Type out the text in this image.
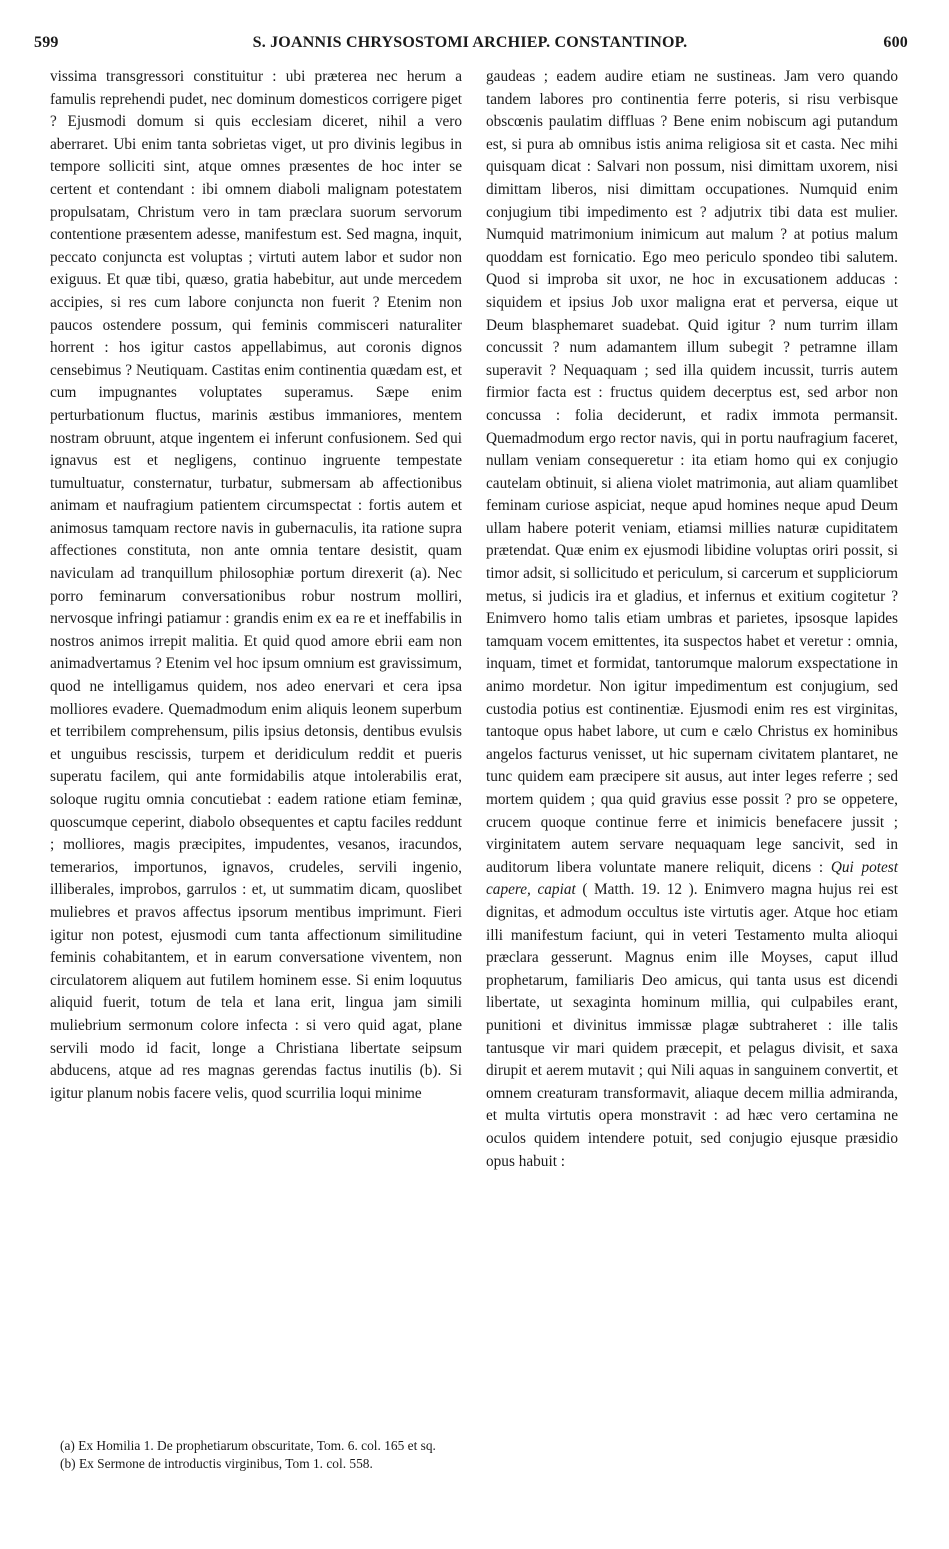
599	S. JOANNIS CHRYSOSTOMI ARCHIEP. CONSTANTINOP.	600

vissima transgressori constituitur : ubi præterea nec herum a famulis reprehendi pudet, nec dominum domesticos corrigere piget ? Ejusmodi domum si quis ecclesiam diceret, nihil a vero aberraret. Ubi enim tanta sobrietas viget, ut pro divinis legibus in tempore solliciti sint, atque omnes præsentes de hoc inter se certent et contendant : ibi omnem diaboli malignam potestatem propulsatam, Christum vero in tam præclara suorum servorum contentione præsentem adesse, manifestum est. Sed magna, inquit, peccato conjuncta est voluptas ; virtuti autem labor et sudor non exiguus. Et quæ tibi, quæso, gratia habebitur, aut unde mercedem accipies, si res cum labore conjuncta non fuerit ? Etenim non paucos ostendere possum, qui feminis commisceri naturaliter horrent : hos igitur castos appellabimus, aut coronis dignos censebimus ? Neutiquam. Castitas enim continentia quædam est, et cum impugnantes voluptates superamus. Sæpe enim perturbationum fluctus, marinis æstibus immaniores, mentem nostram obruunt, atque ingentem ei inferunt confusionem. Sed qui ignavus est et negligens, continuo ingruente tempestate tumultuatur, consternatur, turbatur, submersam ab affectionibus animam et naufragium patientem circumspectat : fortis autem et animosus tamquam rectore navis in gubernaculis, ita ratione supra affectiones constituta, non ante omnia tentare desistit, quam naviculam ad tranquillum philosophiæ portum direxerit (a). Nec porro feminarum conversationibus robur nostrum molliri, nervosque infringi patiamur : grandis enim ex ea re et ineffabilis in nostros animos irrepit malitia. Et quid quod amore ebrii eam non animadvertamus ? Etenim vel hoc ipsum omnium est gravissimum, quod ne intelligamus quidem, nos adeo enervari et cera ipsa molliores evadere. Quemadmodum enim aliquis leonem superbum et terribilem comprehensum, pilis ipsius detonsis, dentibus evulsis et unguibus rescissis, turpem et deridiculum reddit et pueris superatu facilem, qui ante formidabilis atque intolerabilis erat, soloque rugitu omnia concutiebat : eadem ratione etiam feminæ, quoscumque ceperint, diabolo obsequentes et captu faciles reddunt ; molliores, magis præcipites, impudentes, vesanos, iracundos, temerarios, importunos, ignavos, crudeles, servili ingenio, illiberales, improbos, garrulos : et, ut summatim dicam, quoslibet muliebres et pravos affectus ipsorum mentibus imprimunt. Fieri igitur non potest, ejusmodi cum tanta affectionum similitudine feminis cohabitantem, et in earum conversatione viventem, non circulatorem aliquem aut futilem hominem esse. Si enim loquutus aliquid fuerit, totum de tela et lana erit, lingua jam simili muliebrium sermonum colore infecta : si vero quid agat, plane servili modo id facit, longe a Christiana libertate seipsum abducens, atque ad res magnas gerendas factus inutilis (b). Si igitur planum nobis facere velis, quod scurrilia loqui minime

gaudeas ; eadem audire etiam ne sustineas. Jam vero quando tandem labores pro continentia ferre poteris, si risu verbisque obscœnis paulatim diffluas ? Bene enim nobiscum agi putandum est, si pura ab omnibus istis anima religiosa sit et casta. Nec mihi quisquam dicat : Salvari non possum, nisi dimittam uxorem, nisi dimittam liberos, nisi dimittam occupationes. Numquid enim conjugium tibi impedimento est ? adjutrix tibi data est mulier. Numquid matrimonium inimicum aut malum ? at potius malum quoddam est fornicatio. Ego meo periculo spondeo tibi salutem. Quod si improba sit uxor, ne hoc in excusationem adducas : siquidem et ipsius Job uxor maligna erat et perversa, eique ut Deum blasphemaret suadebat. Quid igitur ? num turrim illam concussit ? num adamantem illum subegit ? petramne illam superavit ? Nequaquam ; sed illa quidem incussit, turris autem firmior facta est : fructus quidem decerptus est, sed arbor non concussa : folia deciderunt, et radix immota permansit. Quemadmodum ergo rector navis, qui in portu naufragium faceret, nullam veniam consequeretur : ita etiam homo qui ex conjugio cautelam obtinuit, si aliena violet matrimonia, aut aliam quamlibet feminam curiose aspiciat, neque apud homines neque apud Deum ullam habere poterit veniam, etiamsi millies naturæ cupiditatem prætendat. Quæ enim ex ejusmodi libidine voluptas oriri possit, si timor adsit, si sollicitudo et periculum, si carcerum et suppliciorum metus, si judicis ira et gladius, et infernus et exitium cogitetur ? Enimvero homo talis etiam umbras et parietes, ipsosque lapides tamquam vocem emittentes, ita suspectos habet et veretur : omnia, inquam, timet et formidat, tantorumque malorum exspectatione in animo mordetur. Non igitur impedimentum est conjugium, sed custodia potius est continentiæ. Ejusmodi enim res est virginitas, tantoque opus habet labore, ut cum e cælo Christus ex hominibus angelos facturus venisset, ut hic supernam civitatem plantaret, ne tunc quidem eam præcipere sit ausus, aut inter leges referre ; sed mortem quidem ; qua quid gravius esse possit ? pro se oppetere, crucem quoque continue ferre et inimicis benefacere jussit ; virginitatem autem servare nequaquam lege sancivit, sed in auditorum libera voluntate manere reliquit, dicens : Qui potest capere, capiat ( Matth. 19. 12 ). Enimvero magna hujus rei est dignitas, et admodum occultus iste virtutis ager. Atque hoc etiam illi manifestum faciunt, qui in veteri Testamento multa alioqui præclara gesserunt. Magnus enim ille Moyses, caput illud prophetarum, familiaris Deo amicus, qui tanta usus est dicendi libertate, ut sexaginta hominum millia, qui culpabiles erant, punitioni et divinitus immissæ plagæ subtraheret : ille talis tantusque vir mari quidem præcepit, et pelagus divisit, et saxa dirupit et aerem mutavit ; qui Nili aquas in sanguinem convertit, et omnem creaturam transformavit, aliaque decem millia admiranda, et multa virtutis opera monstravit : ad hæc vero certamina ne oculos quidem intendere potuit, sed conjugio ejusque præsidio opus habuit :

(a) Ex Homilia 1. De prophetiarum obscuritate, Tom. 6. col. 165 et sq.

(b) Ex Sermone de introductis virginibus, Tom 1. col. 558.
